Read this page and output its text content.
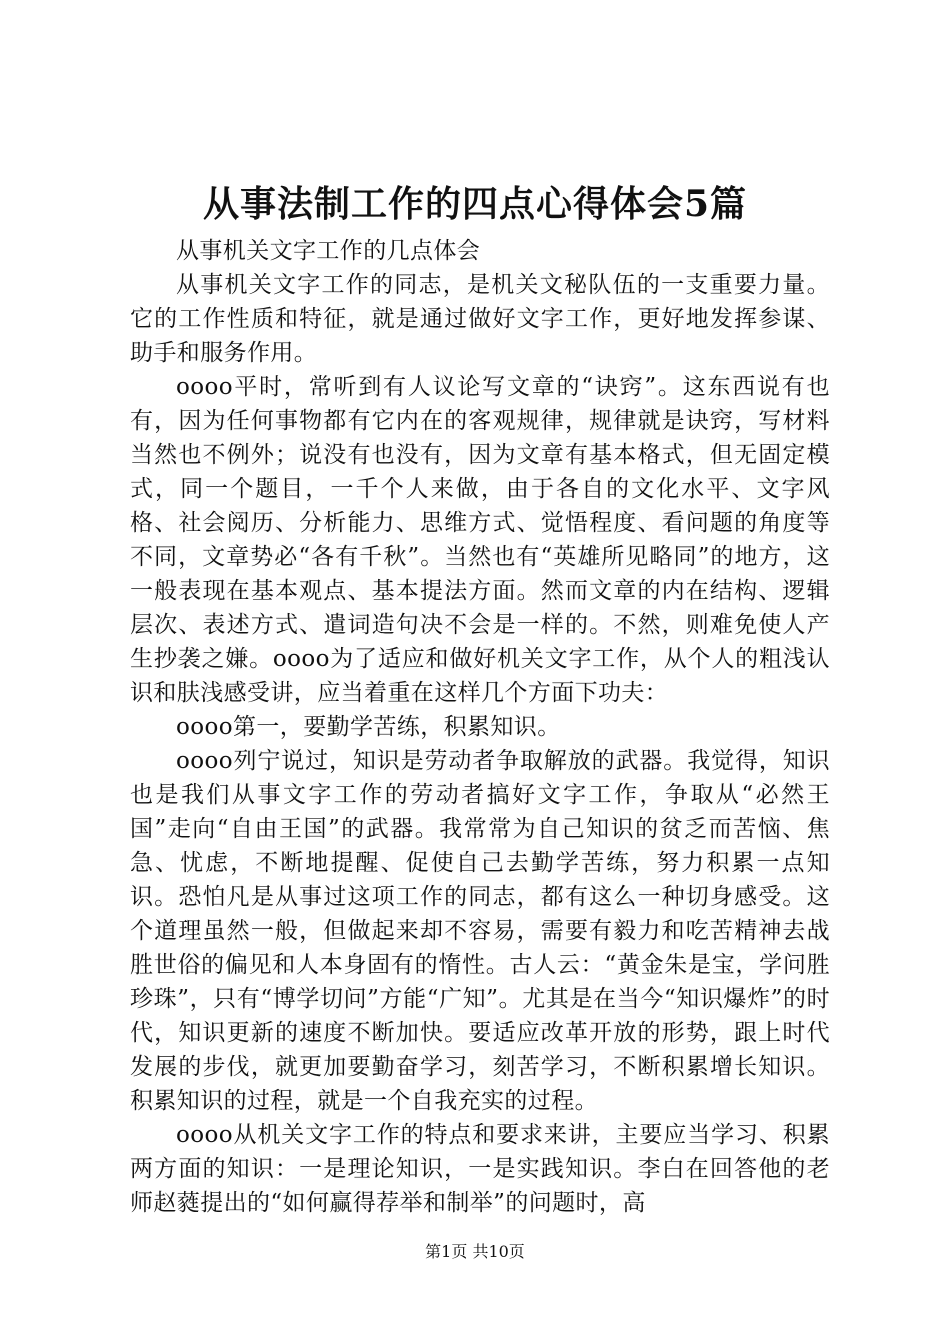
从事法制工作的四点心得体会5篇

从事机关文字工作的几点体会

从事机关文字工作的同志，是机关文秘队伍的一支重要力量。它的工作性质和特征，就是通过做好文字工作，更好地发挥参谋、助手和服务作用。

oooo平时，常听到有人议论写文章的“诀窍”。这东西说有也有，因为任何事物都有它内在的客观规律，规律就是诀窍，写材料当然也不例外；说没有也没有，因为文章有基本格式，但无固定模式，同一个题目，一千个人来做，由于各自的文化水平、文字风格、社会阅历、分析能力、思维方式、觉悟程度、看问题的角度等不同，文章势必“各有千秋”。当然也有“英雄所见略同”的地方，这一般表现在基本观点、基本提法方面。然而文章的内在结构、逻辑层次、表述方式、遣词造句决不会是一样的。不然，则难免使人产生抄袭之嫌。oooo为了适应和做好机关文字工作，从个人的粗浅认识和肤浅感受讲，应当着重在这样几个方面下功夫：

oooo第一，要勤学苦练，积累知识。

oooo列宁说过，知识是劳动者争取解放的武器。我觉得，知识也是我们从事文字工作的劳动者搞好文字工作，争取从“必然王国”走向“自由王国”的武器。我常常为自己知识的贫乏而苦恼、焦急、忧虑，不断地提醒、促使自己去勤学苦练，努力积累一点知识。恐怕凡是从事过这项工作的同志，都有这么一种切身感受。这个道理虽然一般，但做起来却不容易，需要有毅力和吃苦精神去战胜世俗的偏见和人本身固有的惰性。古人云：“黄金朱是宝，学问胜珍珠”，只有“博学切问”方能“广知”。尤其是在当今“知识爆炸”的时代，知识更新的速度不断加快。要适应改革开放的形势，跟上时代发展的步伐，就更加要勤奋学习，刻苦学习，不断积累增长知识。积累知识的过程，就是一个自我充实的过程。

oooo从机关文字工作的特点和要求来讲，主要应当学习、积累两方面的知识：一是理论知识，一是实践知识。李白在回答他的老师赵蕤提出的“如何赢得荐举和制举”的问题时，高

第1页 共10页
